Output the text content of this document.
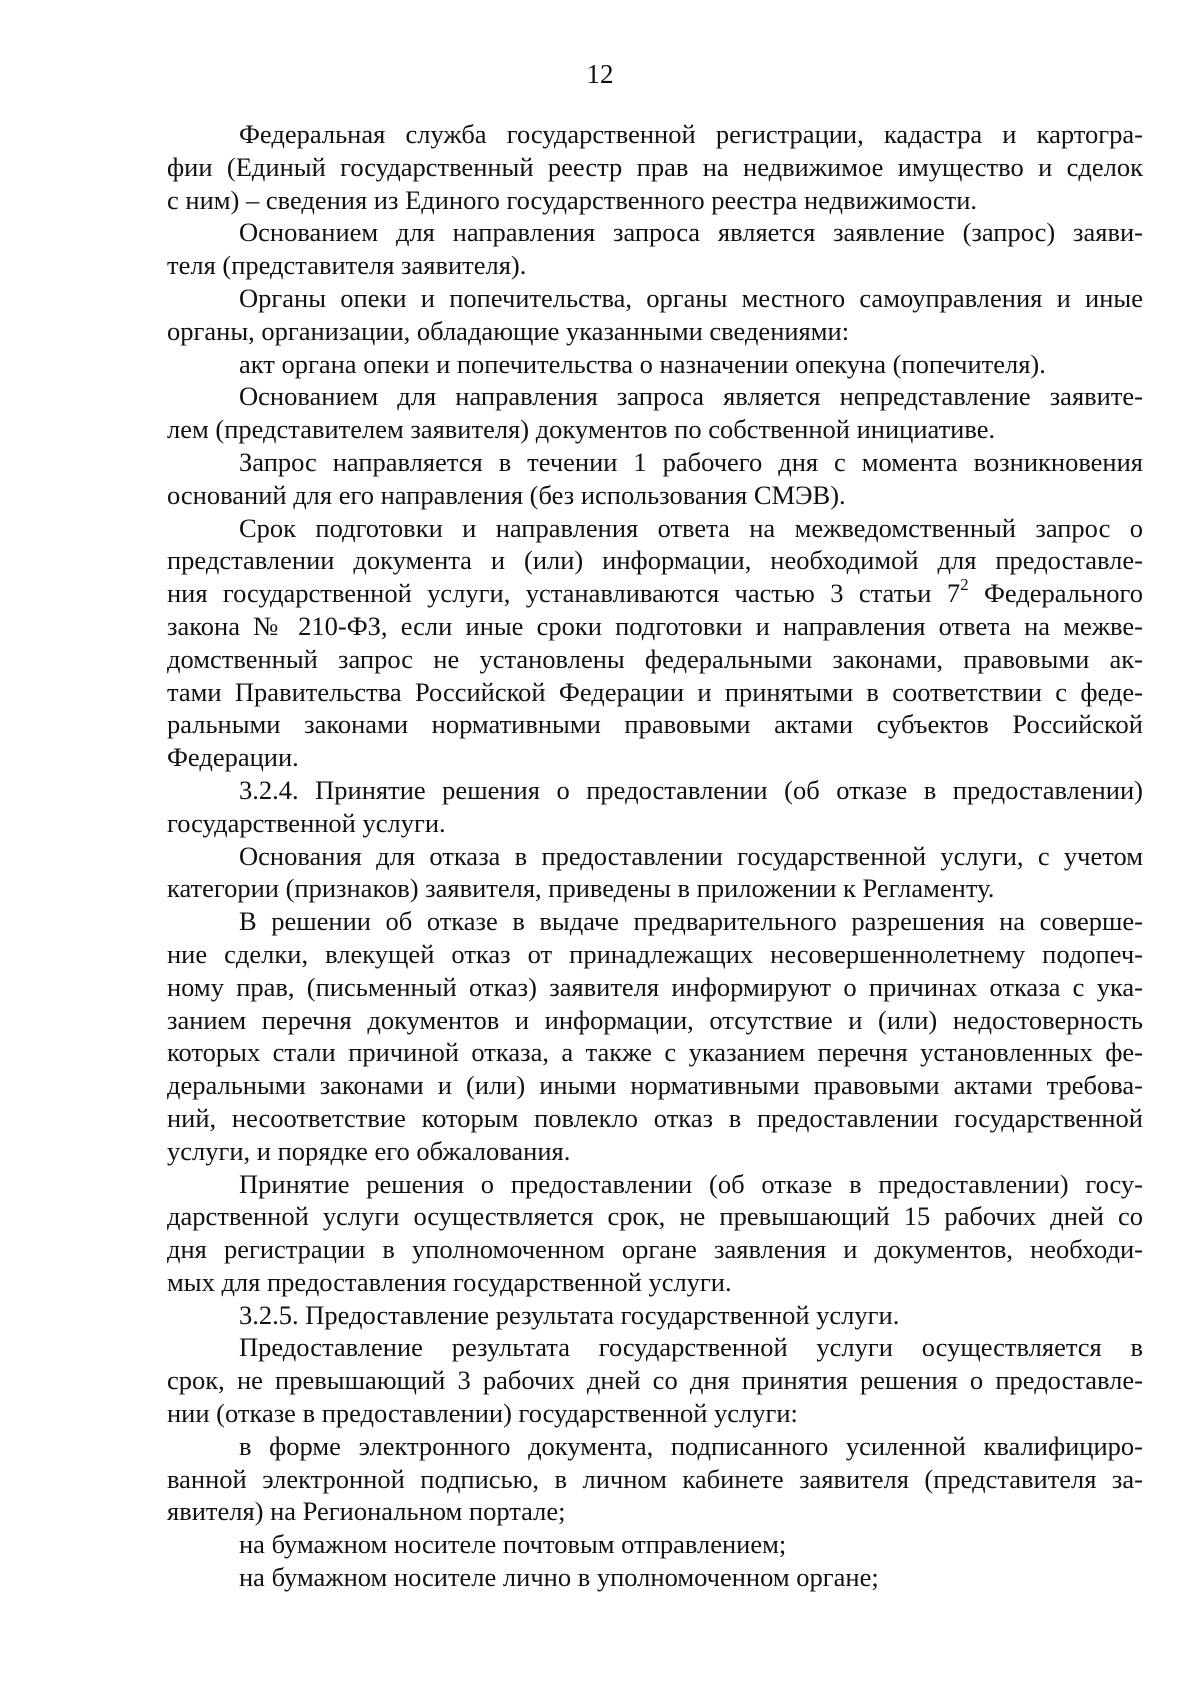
12
Федеральная служба государственной регистрации, кадастра и картогра-
фии (Единый государственный реестр прав на недвижимое имущество и сделок
с ним) – сведения из Единого государственного реестра недвижимости.
Основанием для направления запроса является заявление (запрос) заяви-
теля (представителя заявителя).
Органы опеки и попечительства, органы местного самоуправления и иные
органы, организации, обладающие указанными сведениями:
акт органа опеки и попечительства о назначении опекуна (попечителя).
Основанием для направления запроса является непредставление заявите-
лем (представителем заявителя) документов по собственной инициативе.
Запрос направляется в течении 1 рабочего дня с момента возникновения
оснований для его направления (без использования СМЭВ).
Срок подготовки и направления ответа на межведомственный запрос о
представлении документа и (или) информации, необходимой для предоставле-
ния государственной услуги, устанавливаются частью 3 статьи $7^2$ Федерального
закона № 210-ФЗ, если иные сроки подготовки и направления ответа на межве-
домственный запрос не установлены федеральными законами, правовыми ак-
тами Правительства Российской Федерации и принятыми в соответствии с феде-
ральными законами нормативными правовыми актами субъектов Российской
Федерации.
3.2.4. Принятие решения о предоставлении (об отказе в предоставлении)
государственной услуги.
Основания для отказа в предоставлении государственной услуги, с учетом
категории (признаков) заявителя, приведены в приложении к Регламенту.
В решении об отказе в выдаче предварительного разрешения на соверше-
ние сделки, влекущей отказ от принадлежащих несовершеннолетнему подопеч-
ному прав, (письменный отказ) заявителя информируют о причинах отказа с ука-
занием перечня документов и информации, отсутствие и (или) недостоверность
которых стали причиной отказа, а также с указанием перечня установленных фе-
деральными законами и (или) иными нормативными правовыми актами требова-
ний, несоответствие которым повлекло отказ в предоставлении государственной
услуги, и порядке его обжалования.
Принятие решения о предоставлении (об отказе в предоставлении) госу-
дарственной услуги осуществляется срок, не превышающий 15 рабочих дней со
дня регистрации в уполномоченном органе заявления и документов, необходи-
мых для предоставления государственной услуги.
3.2.5. Предоставление результата государственной услуги.
Предоставление результата государственной услуги осуществляется в
срок, не превышающий 3 рабочих дней со дня принятия решения о предоставле-
нии (отказе в предоставлении) государственной услуги:
в форме электронного документа, подписанного усиленной квалифициро-
ванной электронной подписью, в личном кабинете заявителя (представителя за-
явителя) на Региональном портале;
на бумажном носителе почтовым отправлением;
на бумажном носителе лично в уполномоченном органе;
